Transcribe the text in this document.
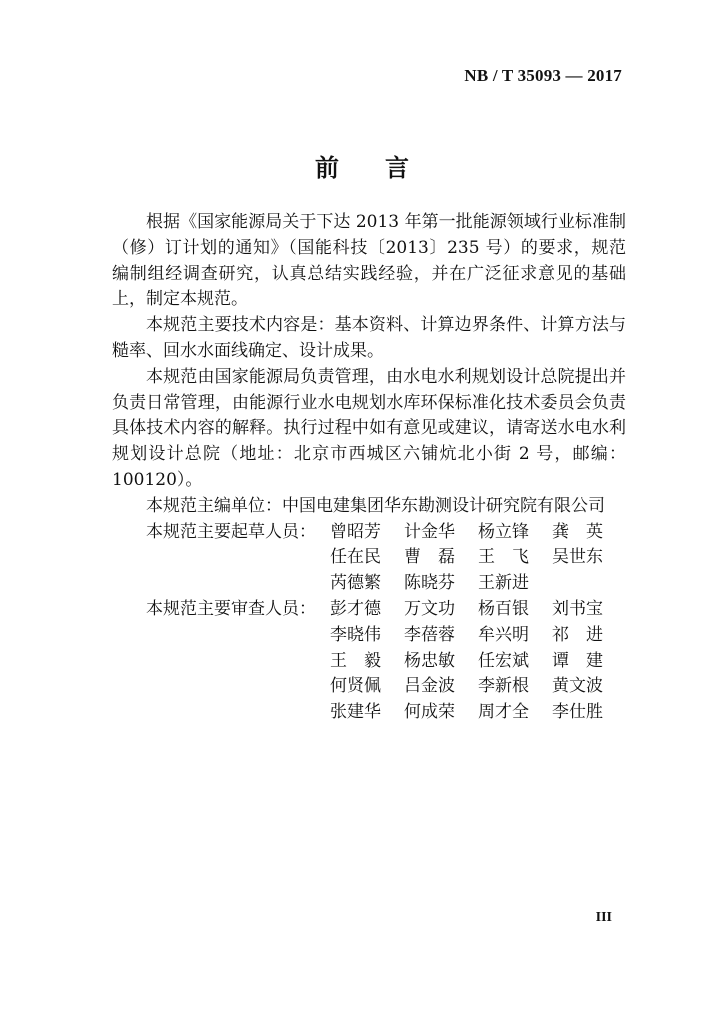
NB / T 35093 — 2017
前 言

根据《国家能源局关于下达 2013 年第一批能源领域行业标准制（修）订计划的通知》（国能科技〔2013〕235 号）的要求，规范编制组经调查研究，认真总结实践经验，并在广泛征求意见的基础上，制定本规范。

本规范主要技术内容是：基本资料、计算边界条件、计算方法与糙率、回水水面线确定、设计成果。

本规范由国家能源局负责管理，由水电水利规划设计总院提出并负责日常管理，由能源行业水电规划水库环保标准化技术委员会负责具体技术内容的解释。执行过程中如有意见或建议，请寄送水电水利规划设计总院（地址：北京市西城区六铺炕北小街 2 号，邮编：100120）。

本规范主编单位：中国电建集团华东勘测设计研究院有限公司

本规范主要起草人员： 曾昭芳	计金华	杨立锋	龚　英
任在民	曹　磊	王　飞	吴世东
芮德繁	陈晓芬	王新进
本规范主要审查人员： 彭才德	万文功	杨百银	刘书宝
李晓伟	李蓓蓉	牟兴明	祁　进
王　毅	杨忠敏	任宏斌	谭　建
何贤佩	吕金波	李新根	黄文波
张建华	何成荣	周才全	李仕胜
III
